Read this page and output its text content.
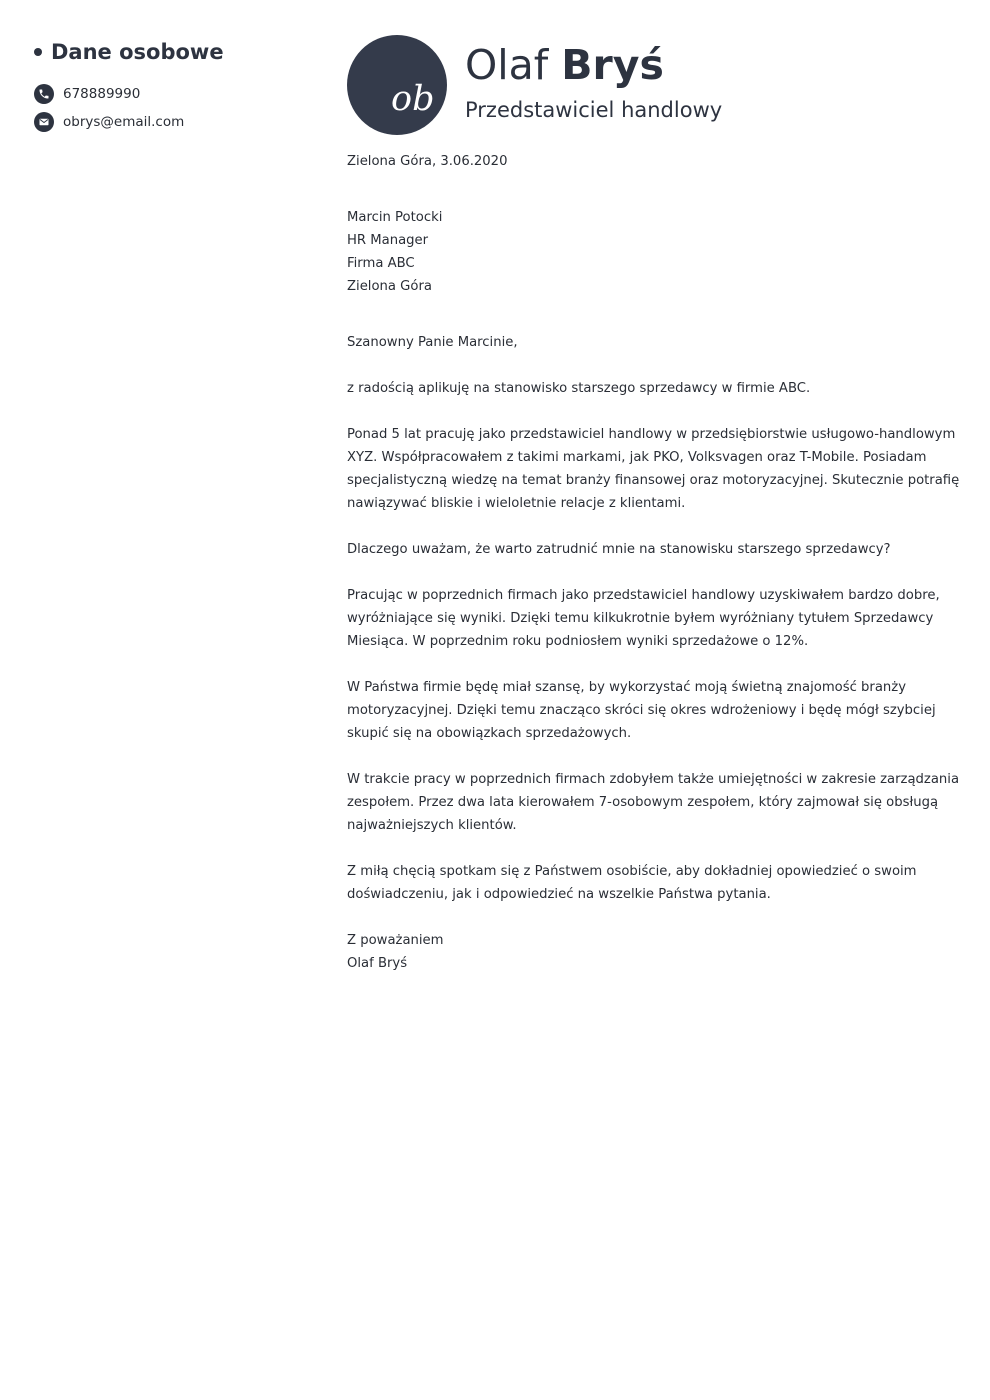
Dane osobowe
678889990
obrys@email.com
ob
Olaf Bryś
Przedstawiciel handlowy

Zielona Góra, 3.06.2020

Marcin Potocki
HR Manager
Firma ABC
Zielona Góra

Szanowny Panie Marcinie,

z radością aplikuję na stanowisko starszego sprzedawcy w firmie ABC.

Ponad 5 lat pracuję jako przedstawiciel handlowy w przedsiębiorstwie usługowo-handlowym XYZ. Współpracowałem z takimi markami, jak PKO, Volksvagen oraz T-Mobile. Posiadam specjalistyczną wiedzę na temat branży finansowej oraz motoryzacyjnej. Skutecznie potrafię nawiązywać bliskie i wieloletnie relacje z klientami.

Dlaczego uważam, że warto zatrudnić mnie na stanowisku starszego sprzedawcy?

Pracując w poprzednich firmach jako przedstawiciel handlowy uzyskiwałem bardzo dobre, wyróżniające się wyniki. Dzięki temu kilkukrotnie byłem wyróżniany tytułem Sprzedawcy Miesiąca. W poprzednim roku podniosłem wyniki sprzedażowe o 12%.

W Państwa firmie będę miał szansę, by wykorzystać moją świetną znajomość branży motoryzacyjnej. Dzięki temu znacząco skróci się okres wdrożeniowy i będę mógł szybciej skupić się na obowiązkach sprzedażowych.

W trakcie pracy w poprzednich firmach zdobyłem także umiejętności w zakresie zarządzania zespołem. Przez dwa lata kierowałem 7-osobowym zespołem, który zajmował się obsługą najważniejszych klientów.

Z miłą chęcią spotkam się z Państwem osobiście, aby dokładniej opowiedzieć o swoim doświadczeniu, jak i odpowiedzieć na wszelkie Państwa pytania.

Z poważaniem
Olaf Bryś
